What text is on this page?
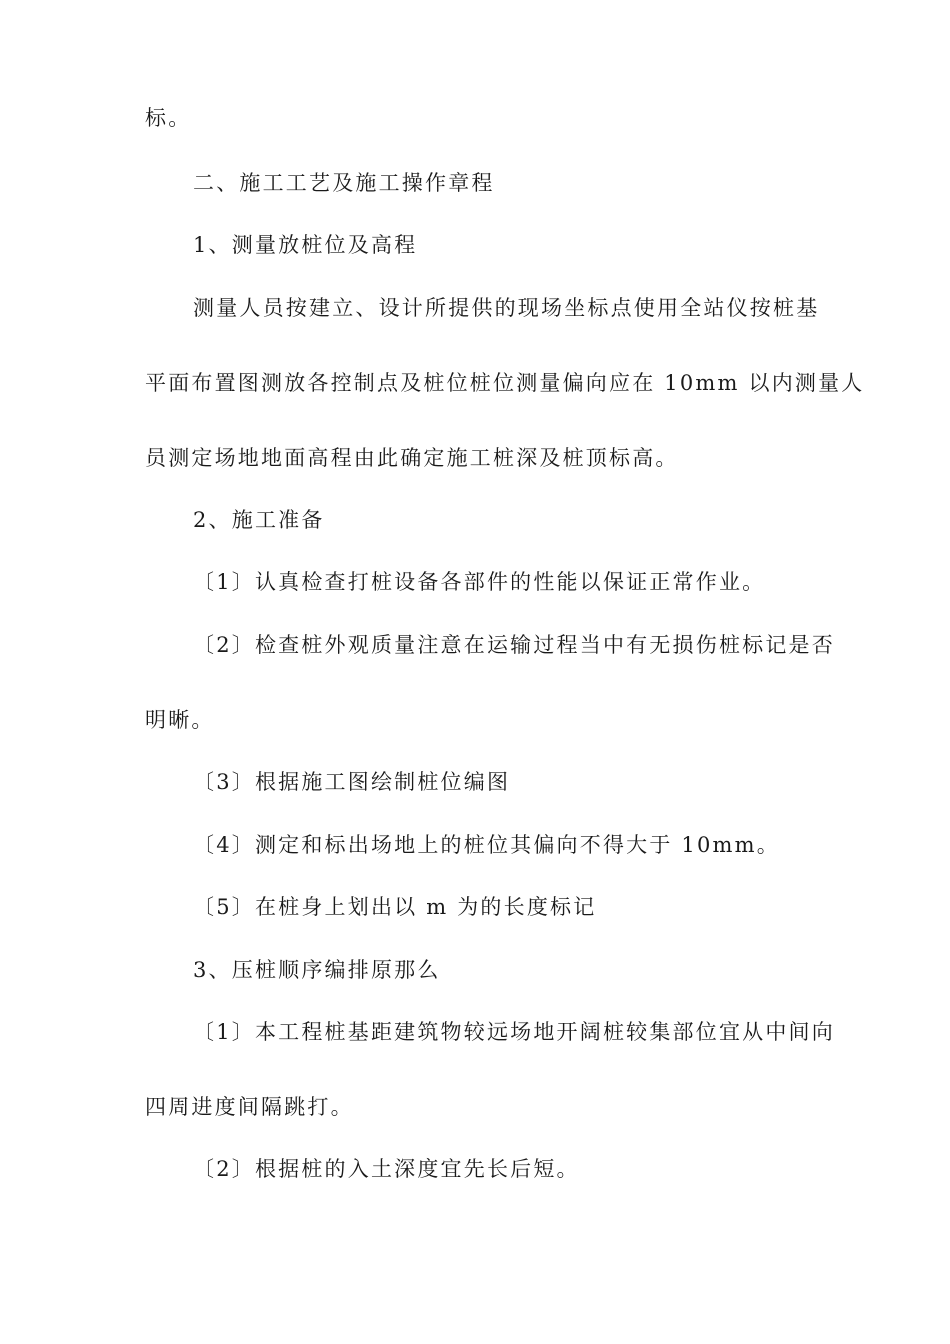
标。
二、施工工艺及施工操作章程
1、测量放桩位及高程
测量人员按建立、设计所提供的现场坐标点使用全站仪按桩基
平面布置图测放各控制点及桩位桩位测量偏向应在 10mm 以内测量人
员测定场地地面高程由此确定施工桩深及桩顶标高。
2、施工准备
〔1〕认真检查打桩设备各部件的性能以保证正常作业。
〔2〕检查桩外观质量注意在运输过程当中有无损伤桩标记是否
明晰。
〔3〕根据施工图绘制桩位编图
〔4〕测定和标出场地上的桩位其偏向不得大于 10mm。
〔5〕在桩身上划出以 m 为的长度标记
3、压桩顺序编排原那么
〔1〕本工程桩基距建筑物较远场地开阔桩较集部位宜从中间向
四周进度间隔跳打。
〔2〕根据桩的入土深度宜先长后短。
